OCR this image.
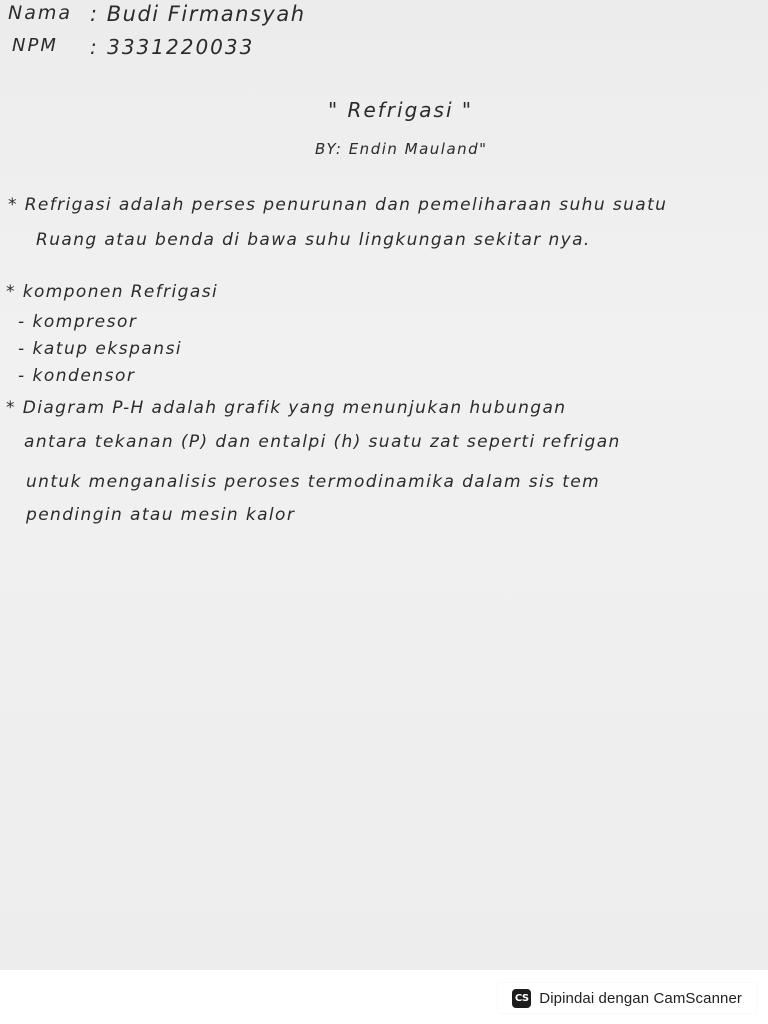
Nama : Budi Firmansyah
NPM : 3331220033
" Refrigasi "
BY: Endin Mauland"
* Refrigasi adalah perses penurunan dan pemeliharaan suhu suatu
Ruang atau benda di bawa suhu lingkungan sekitar nya.
* komponen Refrigasi
- kompresor
- katup ekspansi
- kondensor
* Diagram P-H adalah grafik yang menunjukan hubungan
antara tekanan (P) dan entalpi (h) suatu zat seperti refrigan
untuk menganalisis peroses termodinamika dalam sis tem
pendingin atau mesin kalor
CS Dipindai dengan CamScanner
